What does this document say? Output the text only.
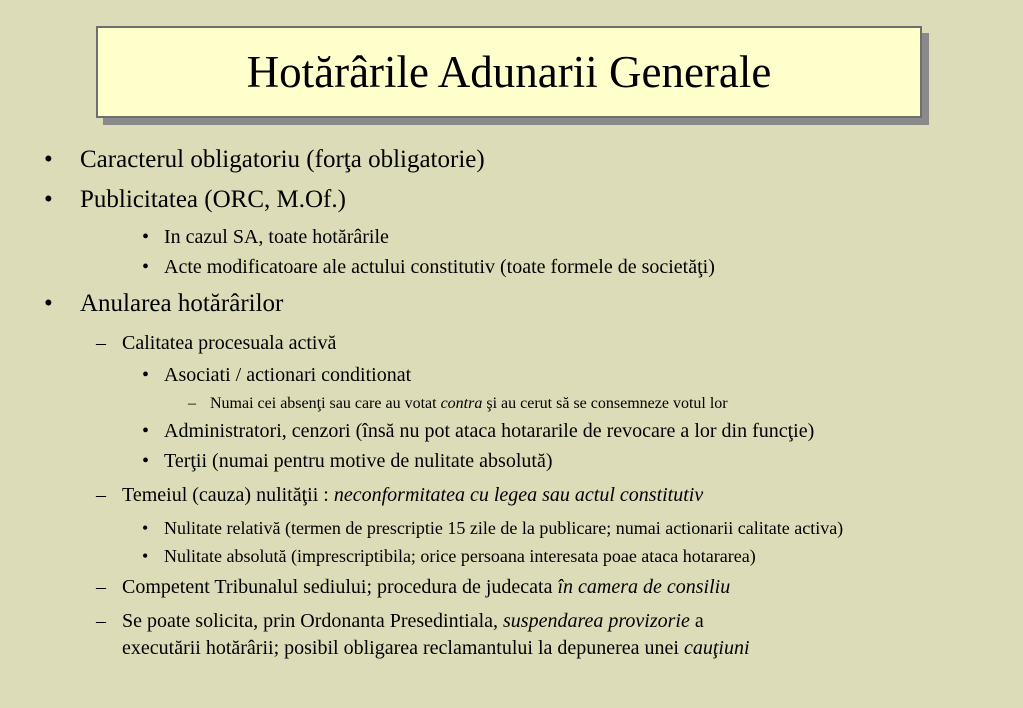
Hotărârile Adunarii Generale
• Caracterul obligatoriu (forţa obligatorie)
• Publicitatea (ORC, M.Of.)
• In cazul SA, toate hotărârile
• Acte modificatoare ale actului constitutiv (toate formele de societăţi)
• Anularea hotărârilor
– Calitatea procesuala activă
• Asociati / actionari conditionat
– Numai cei absenţi sau care au votat contra şi au cerut să se consemneze votul lor
• Administratori, cenzori (însă nu pot ataca hotararile de revocare a lor din funcţie)
• Terţii (numai pentru motive de nulitate absolută)
– Temeiul (cauza) nulităţii : neconformitatea cu legea sau actul constitutiv
• Nulitate relativă (termen de prescriptie 15 zile de la publicare; numai actionarii calitate activa)
• Nulitate absolută (imprescriptibila; orice persoana interesata poae ataca hotararea)
– Competent Tribunalul sediului; procedura de judecata în camera de consiliu
– Se poate solicita, prin Ordonanta Presedintiala, suspendarea provizorie a
executării hotărârii; posibil obligarea reclamantului la depunerea unei cauţiuni
